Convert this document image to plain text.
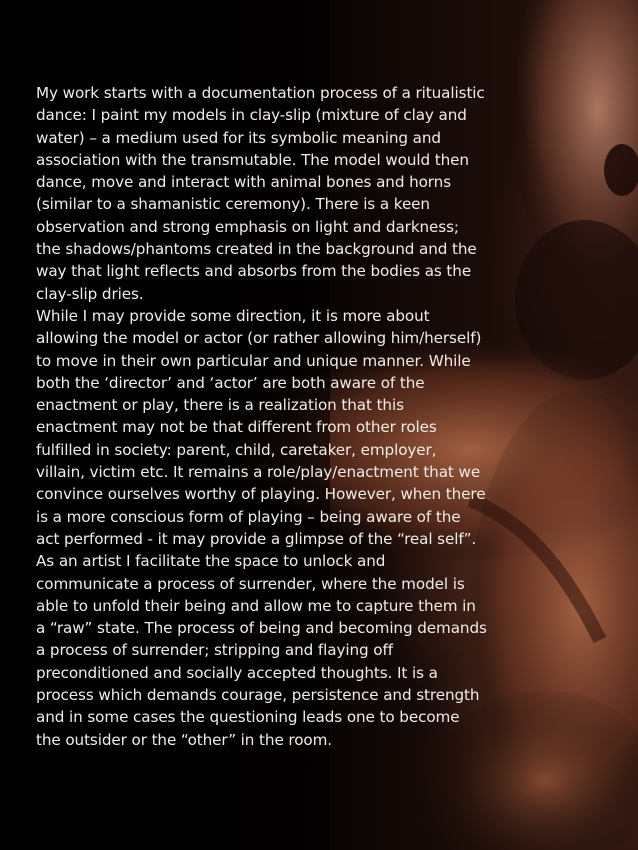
My work starts with a documentation process of a ritualistic dance: I paint my models in clay-slip (mixture of clay and water) – a medium used for its symbolic meaning and association with the transmutable. The model would then dance, move and interact with animal bones and horns (similar to a shamanistic ceremony). There is a keen observation and strong emphasis on light and darkness; the shadows/phantoms created in the background and the way that light reflects and absorbs from the bodies as the clay-slip dries.

While I may provide some direction, it is more about allowing the model or actor (or rather allowing him/herself) to move in their own particular and unique manner. While both the ‘director’ and ‘actor’ are both aware of the enactment or play, there is a realization that this enactment may not be that different from other roles fulfilled in society: parent, child, caretaker, employer, villain, victim etc. It remains a role/play/enactment that we convince ourselves worthy of playing. However, when there is a more conscious form of playing – being aware of the act performed - it may provide a glimpse of the “real self”.

As an artist I facilitate the space to unlock and communicate a process of surrender, where the model is able to unfold their being and allow me to capture them in a “raw” state. The process of being and becoming demands a process of surrender; stripping and flaying off preconditioned and socially accepted thoughts. It is a process which demands courage, persistence and strength and in some cases the questioning leads one to become the outsider or the “other” in the room.
